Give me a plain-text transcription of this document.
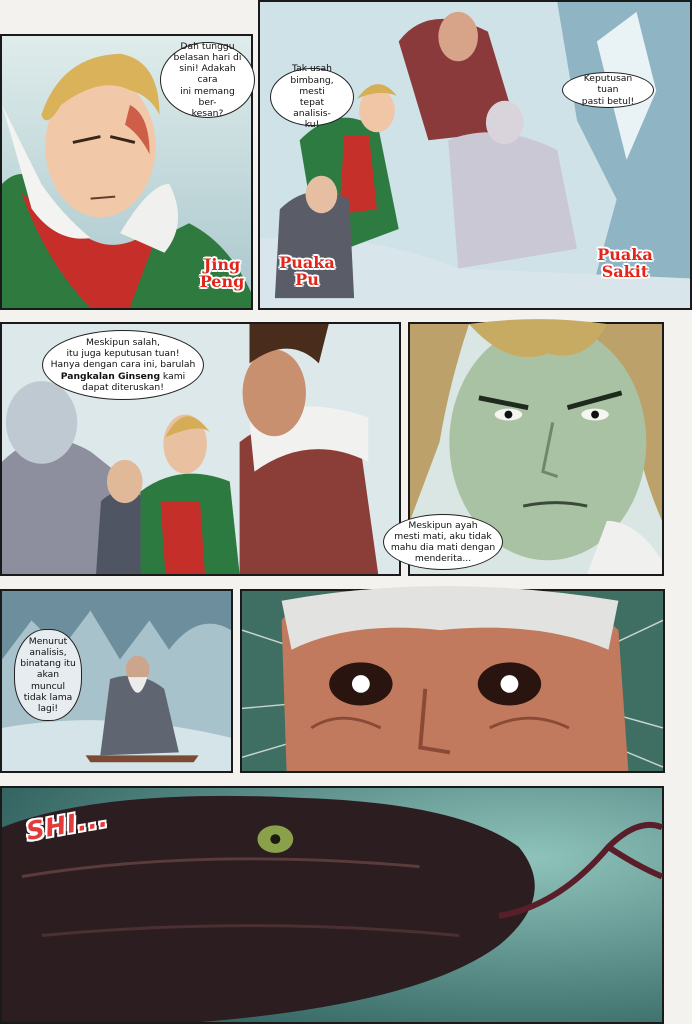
Dah tunggu
belasan hari di
sini! Adakah cara
ini memang ber-
kesan?
Jing
Peng
Tak usah
bimbang, mesti
tepat analisis-
ku!
Keputusan tuan
pasti betul!
Puaka
Pu
Puaka
Sakit
Meskipun salah,
itu juga keputusan tuan!
Hanya dengan cara ini, barulah
Pangkalan Ginseng kami
dapat diteruskan!
Meskipun ayah
mesti mati, aku tidak
mahu dia mati dengan
menderita...
Menurut
analisis,
binatang itu
akan muncul
tidak lama
lagi!
SHI...
